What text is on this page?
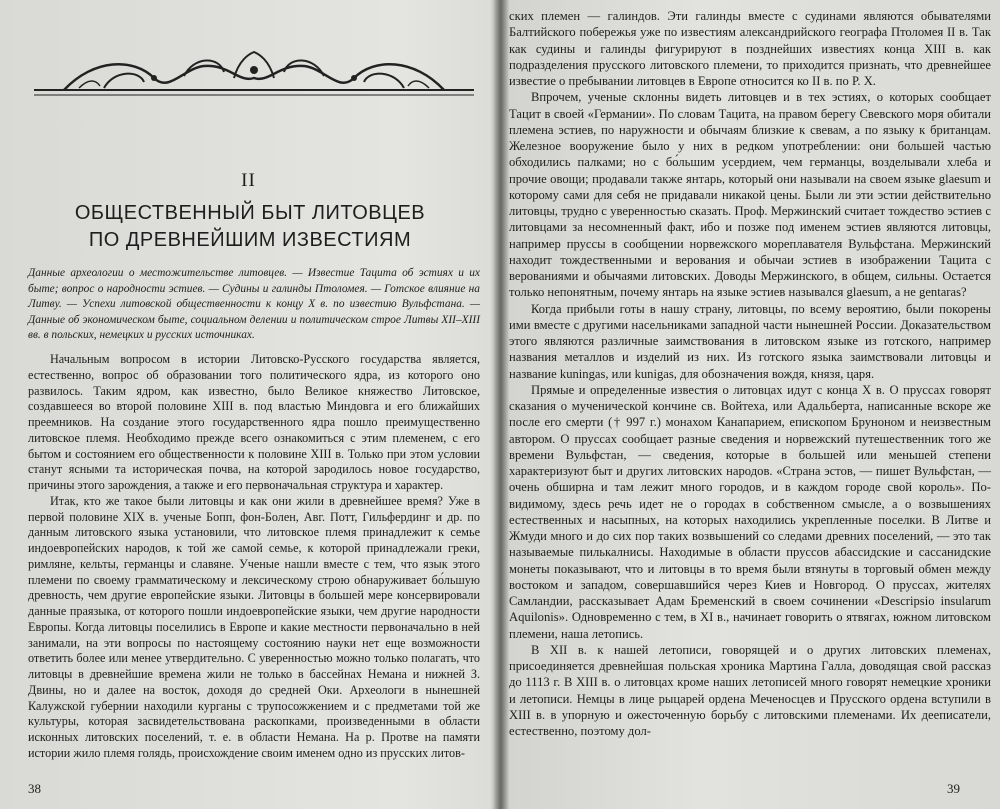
II
ОБЩЕСТВЕННЫЙ БЫТ ЛИТОВЦЕВ ПО ДРЕВНЕЙШИМ ИЗВЕСТИЯМ
Данные археологии о местожительстве литовцев. — Известие Тацита об эстиях и их быте; вопрос о народности эстиев. — Судины и галинды Птоломея. — Готское влияние на Литву. — Успехи литовской общественности к концу X в. по известию Вульфстана. — Данные об экономическом быте, социальном делении и политическом строе Литвы XII–XIII вв. в польских, немецких и русских источниках.

Начальным вопросом в истории Литовско-Русского государства является, естественно, вопрос об образовании того политического ядра, из которого оно развилось. Таким ядром, как известно, было Великое княжество Литовское, создавшееся во второй половине XIII в. под властью Миндовга и его ближайших преемников. На создание этого государственного ядра пошло преимущественно литовское племя. Необходимо прежде всего ознакомиться с этим племенем, с его бытом и состоянием его общественности к половине XIII в. Только при этом условии станут ясными та историческая почва, на которой зародилось новое государство, причины этого зарождения, а также и его первоначальная структура и характер.

Итак, кто же такое были литовцы и как они жили в древнейшее время? Уже в первой половине XIX в. ученые Бопп, фон-Болен, Авг. Потт, Гильфердинг и др. по данным литовского языка установили, что литовское племя принадлежит к семье индоевропейских народов, к той же самой семье, к которой принадлежали греки, римляне, кельты, германцы и славяне. Ученые нашли вместе с тем, что язык этого племени по своему грамматическому и лексическому строю обнаруживает бо́льшую древность, чем другие европейские языки. Литовцы в большей мере консервировали данные праязыка, от которого пошли индоевропейские языки, чем другие народности Европы. Когда литовцы поселились в Европе и какие местности первоначально в ней занимали, на эти вопросы по настоящему состоянию науки нет еще возможности ответить более или менее утвердительно. С уверенностью можно только полагать, что литовцы в древнейшие времена жили не только в бассейнах Немана и нижней З. Двины, но и далее на восток, доходя до средней Оки. Археологи в нынешней Калужской губернии находили курганы с трупосожжением и с предметами той же культуры, которая засвидетельствована раскопками, произведенными в области исконных литовских поселений, т. е. в области Немана. На р. Протве на памяти истории жило племя голядь, происхождение своим именем одно из прусских литов-

38

ских племен — галиндов. Эти галинды вместе с судинами являются обывателями Балтийского побережья уже по известиям александрийского географа Птоломея II в. Так как судины и галинды фигурируют в позднейших известиях конца XIII в. как подразделения прусского литовского племени, то приходится признать, что древнейшее известие о пребывании литовцев в Европе относится ко II в. по Р. Х.

Впрочем, ученые склонны видеть литовцев и в тех эстиях, о которых сообщает Тацит в своей «Германии». По словам Тацита, на правом берегу Свевского моря обитали племена эстиев, по наружности и обычаям близкие к свевам, а по языку к британцам. Железное вооружение было у них в редком употреблении: они большей частью обходились палками; но с бо́льшим усердием, чем германцы, возделывали хлеба и прочие овощи; продавали также янтарь, который они называли на своем языке glaesum и которому сами для себя не придавали никакой цены. Были ли эти эстии действительно литовцы, трудно с уверенностью сказать. Проф. Мержинский считает тождество эстиев с литовцами за несомненный факт, ибо и позже под именем эстиев являются литовцы, например пруссы в сообщении норвежского мореплавателя Вульфстана. Мержинский находит тождественными и верования и обычаи эстиев в изображении Тацита с верованиями и обычаями литовских. Доводы Мержинского, в общем, сильны. Остается только непонятным, почему янтарь на языке эстиев назывался glaesum, а не gentaras?

Когда прибыли готы в нашу страну, литовцы, по всему вероятию, были покорены ими вместе с другими насельниками западной части нынешней России. Доказательством этого являются различные заимствования в литовском языке из готского, например названия металлов и изделий из них. Из готского языка заимствовали литовцы и название kuningas, или kunigas, для обозначения вождя, князя, царя.

Прямые и определенные известия о литовцах идут с конца X в. О пруссах говорят сказания о мученической кончине св. Войтеха, или Адальберта, написанные вскоре же после его смерти († 997 г.) монахом Канапарием, епископом Бруноном и неизвестным автором. О пруссах сообщает разные сведения и норвежский путешественник того же времени Вульфстан, — сведения, которые в большей или меньшей степени характеризуют быт и других литовских народов. «Страна эстов, — пишет Вульфстан, — очень обширна и там лежит много городов, и в каждом городе свой король». По-видимому, здесь речь идет не о городах в собственном смысле, а о возвышениях естественных и насыпных, на которых находились укрепленные поселки. В Литве и Жмуди много и до сих пор таких возвышений со следами древних поселений, — это так называемые пилькалнисы. Находимые в области пруссов абассидские и сассанидские монеты показывают, что и литовцы в то время были втянуты в торговый обмен между востоком и западом, совершавшийся через Киев и Новгород. О пруссах, жителях Самландии, рассказывает Адам Бременский в своем сочинении «Descripsio insularum Aquilonis». Одновременно с тем, в XI в., начинает говорить о ятвягах, южном литовском племени, наша летопись.

В XII в. к нашей летописи, говорящей и о других литовских племенах, присоединяется древнейшая польская хроника Мартина Галла, доводящая свой рассказ до 1113 г. В XIII в. о литовцах кроме наших летописей много говорят немецкие хроники и летописи. Немцы в лице рыцарей ордена Меченосцев и Прусского ордена вступили в XIII в. в упорную и ожесточенную борьбу с литовскими племенами. Их дееписатели, естественно, поэтому дол-

39
